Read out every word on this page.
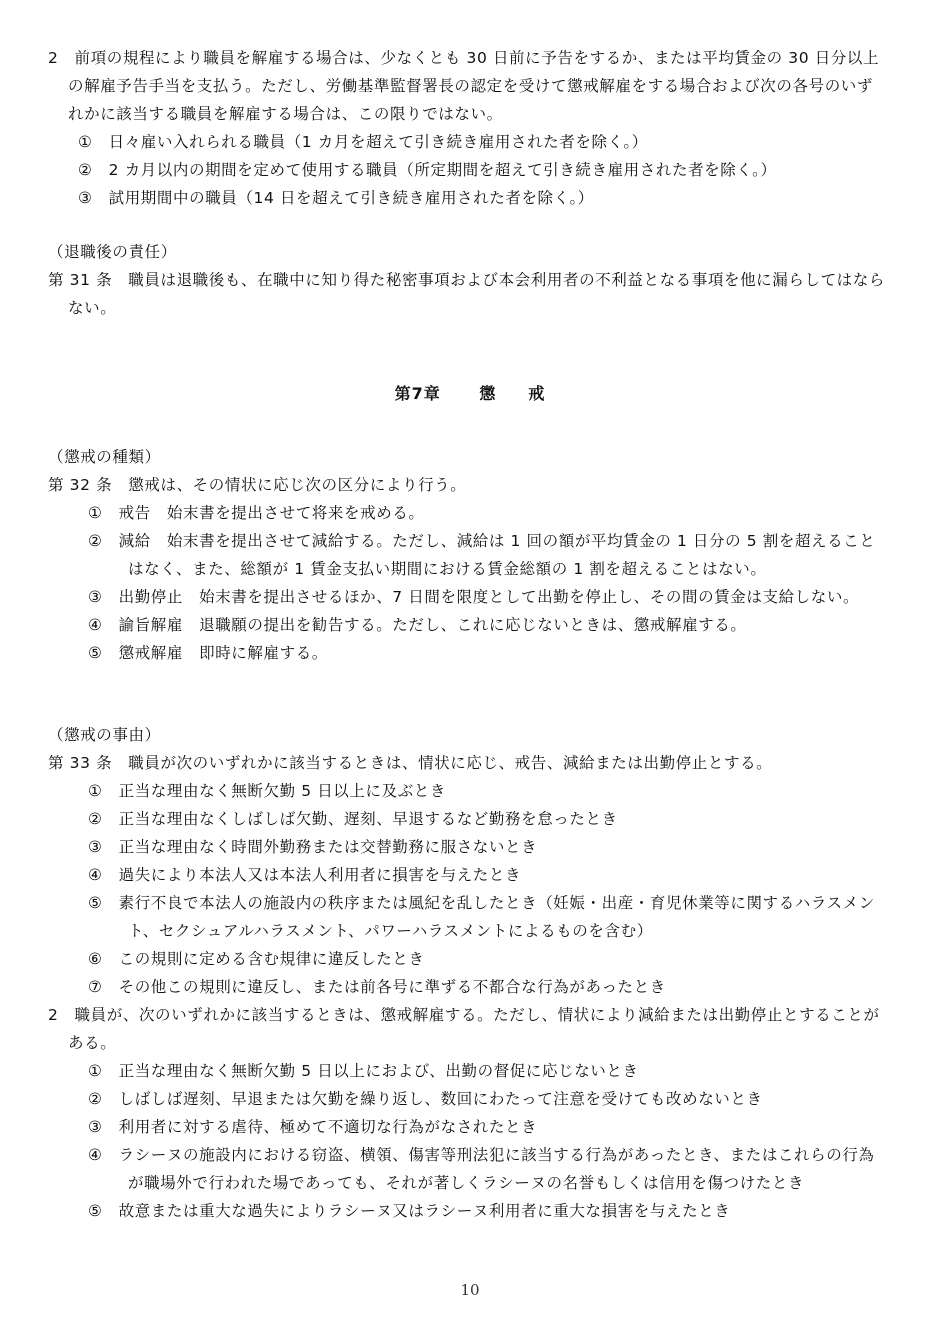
2　前項の規程により職員を解雇する場合は、少なくとも 30 日前に予告をするか、または平均賃金の 30 日分以上の解雇予告手当を支払う。ただし、労働基準監督署長の認定を受けて懲戒解雇をする場合および次の各号のいずれかに該当する職員を解雇する場合は、この限りではない。

①　日々雇い入れられる職員（1 カ月を超えて引き続き雇用された者を除く。）
②　2 カ月以内の期間を定めて使用する職員（所定期間を超えて引き続き雇用された者を除く。）
③　試用期間中の職員（14 日を超えて引き続き雇用された者を除く。）

（退職後の責任）

第 31 条　職員は退職後も、在職中に知り得た秘密事項および本会利用者の不利益となる事項を他に漏らしてはならない。

第7章 懲 戒

（懲戒の種類）

第 32 条　懲戒は、その情状に応じ次の区分により行う。

①　戒告　始末書を提出させて将来を戒める。
②　減給　始末書を提出させて減給する。ただし、減給は 1 回の額が平均賃金の 1 日分の 5 割を超えることはなく、また、総額が 1 賃金支払い期間における賃金総額の 1 割を超えることはない。
③　出勤停止　始末書を提出させるほか、7 日間を限度として出勤を停止し、その間の賃金は支給しない。
④　諭旨解雇　退職願の提出を勧告する。ただし、これに応じないときは、懲戒解雇する。
⑤　懲戒解雇　即時に解雇する。

（懲戒の事由）

第 33 条　職員が次のいずれかに該当するときは、情状に応じ、戒告、減給または出勤停止とする。

①　正当な理由なく無断欠勤 5 日以上に及ぶとき
②　正当な理由なくしばしば欠勤、遅刻、早退するなど勤務を怠ったとき
③　正当な理由なく時間外勤務または交替勤務に服さないとき
④　過失により本法人又は本法人利用者に損害を与えたとき
⑤　素行不良で本法人の施設内の秩序または風紀を乱したとき（妊娠・出産・育児休業等に関するハラスメント、セクシュアルハラスメント、パワーハラスメントによるものを含む）
⑥　この規則に定める含む規律に違反したとき
⑦　その他この規則に違反し、または前各号に準ずる不都合な行為があったとき

2　職員が、次のいずれかに該当するときは、懲戒解雇する。ただし、情状により減給または出勤停止とすることがある。

①　正当な理由なく無断欠勤 5 日以上におよび、出勤の督促に応じないとき
②　しばしば遅刻、早退または欠勤を繰り返し、数回にわたって注意を受けても改めないとき
③　利用者に対する虐待、極めて不適切な行為がなされたとき
④　ラシーヌの施設内における窃盗、横領、傷害等刑法犯に該当する行為があったとき、またはこれらの行為が職場外で行われた場であっても、それが著しくラシーヌの名誉もしくは信用を傷つけたとき
⑤　故意または重大な過失によりラシーヌ又はラシーヌ利用者に重大な損害を与えたとき
10
